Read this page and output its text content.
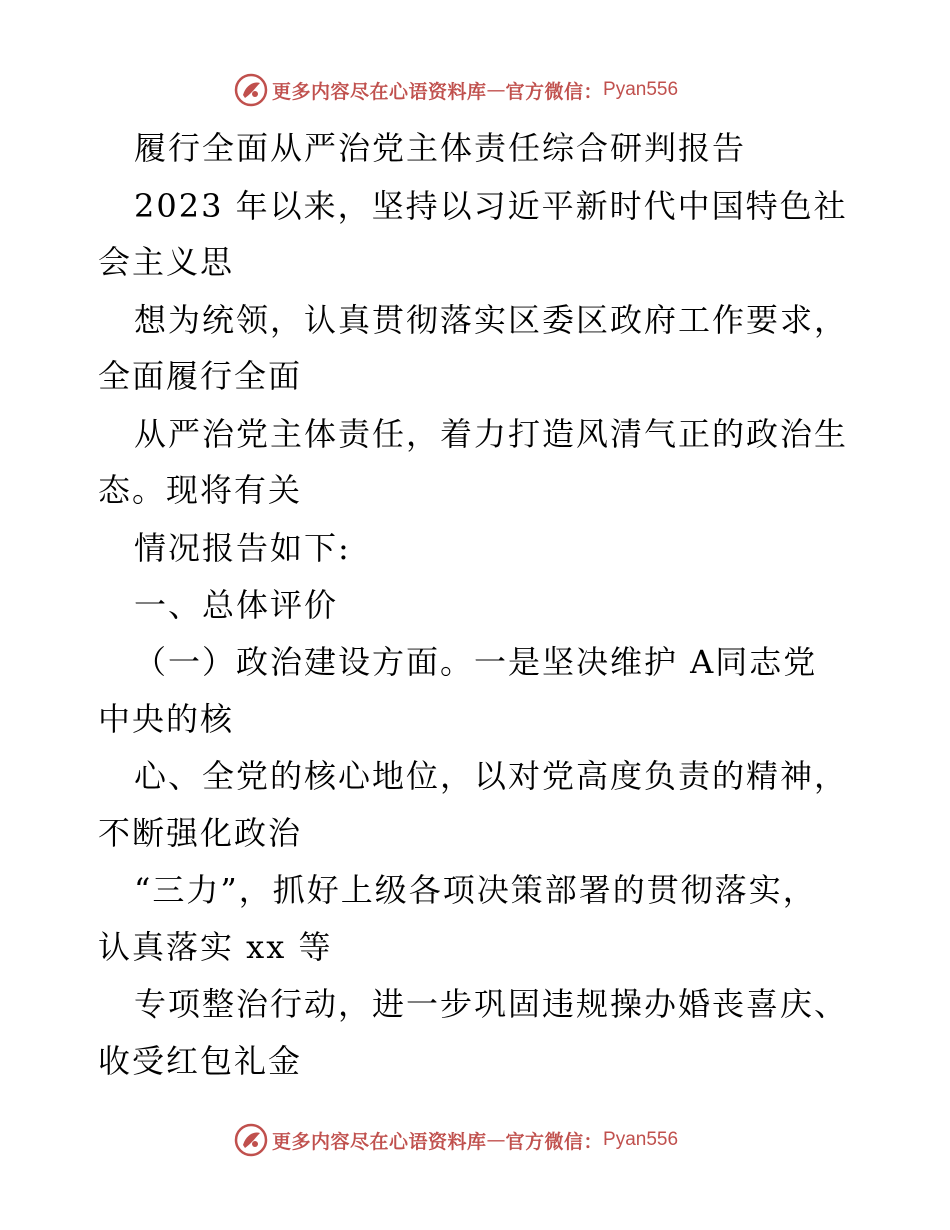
更多内容尽在心语资料库 — 官方微信： Pyan556
履行全面从严治党主体责任综合研判报告
2023 年以来，坚持以习近平新时代中国特色社
会主义思
想为统领，认真贯彻落实区委区政府工作要求，
全面履行全面
从严治党主体责任，着力打造风清气正的政治生
态。现将有关
情况报告如下:
一、总体评价
（一）政治建设方面。一是坚决维护 A同志党
中央的核
心、全党的核心地位，以对党高度负责的精神，
不断强化政治
“三力”，抓好上级各项决策部署的贯彻落实，
认真落实 xx 等
专项整治行动，进一步巩固违规操办婚丧喜庆、
收受红包礼金
更多内容尽在心语资料库 — 官方微信： Pyan556
